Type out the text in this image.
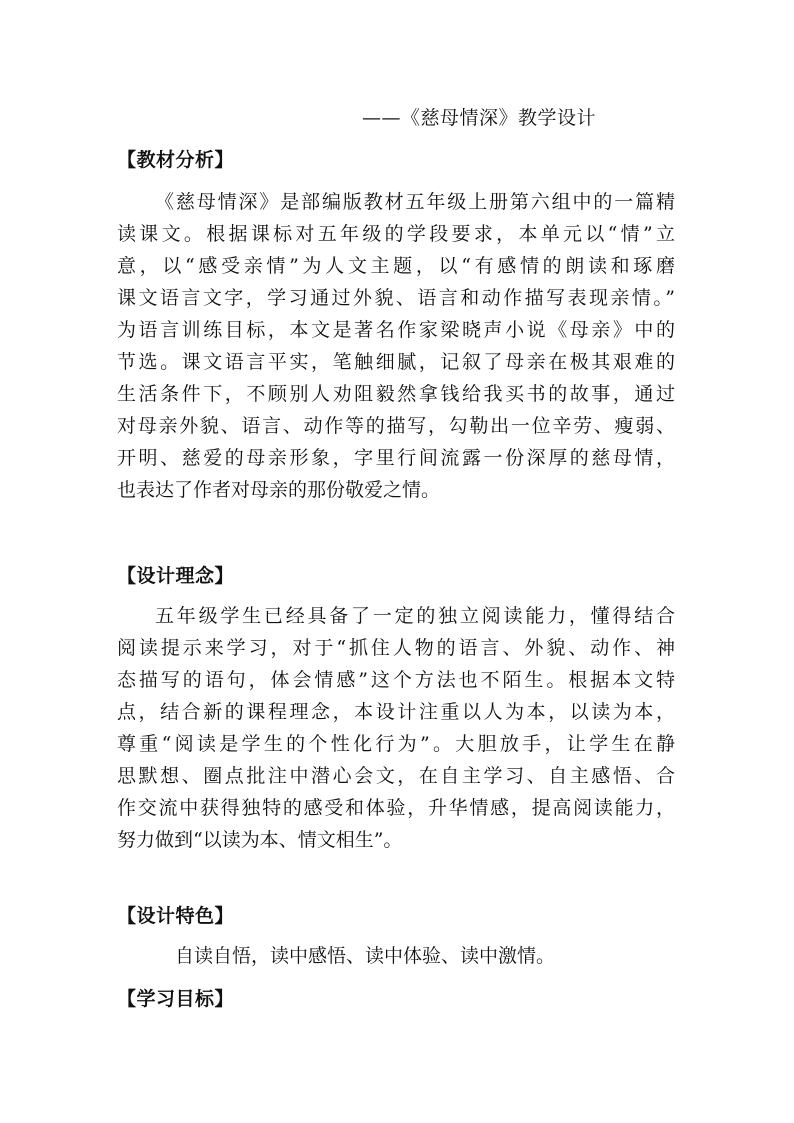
——《慈母情深》教学设计
【教材分析】
《慈母情深》是部编版教材五年级上册第六组中的一篇精
读课文。根据课标对五年级的学段要求，本单元以“情”立
意，以“感受亲情”为人文主题，以“有感情的朗读和琢磨
课文语言文字，学习通过外貌、语言和动作描写表现亲情。”
为语言训练目标，本文是著名作家梁晓声小说《母亲》中的
节选。课文语言平实，笔触细腻，记叙了母亲在极其艰难的
生活条件下，不顾别人劝阻毅然拿钱给我买书的故事，通过
对母亲外貌、语言、动作等的描写，勾勒出一位辛劳、瘦弱、
开明、慈爱的母亲形象，字里行间流露一份深厚的慈母情，
也表达了作者对母亲的那份敬爱之情。
【设计理念】
五年级学生已经具备了一定的独立阅读能力，懂得结合
阅读提示来学习，对于“抓住人物的语言、外貌、动作、神
态描写的语句，体会情感”这个方法也不陌生。根据本文特
点，结合新的课程理念，本设计注重以人为本，以读为本，
尊重“阅读是学生的个性化行为”。大胆放手，让学生在静
思默想、圈点批注中潜心会文，在自主学习、自主感悟、合
作交流中获得独特的感受和体验，升华情感，提高阅读能力，
努力做到“以读为本、情文相生”。
【设计特色】
自读自悟，读中感悟、读中体验、读中激情。
【学习目标】
